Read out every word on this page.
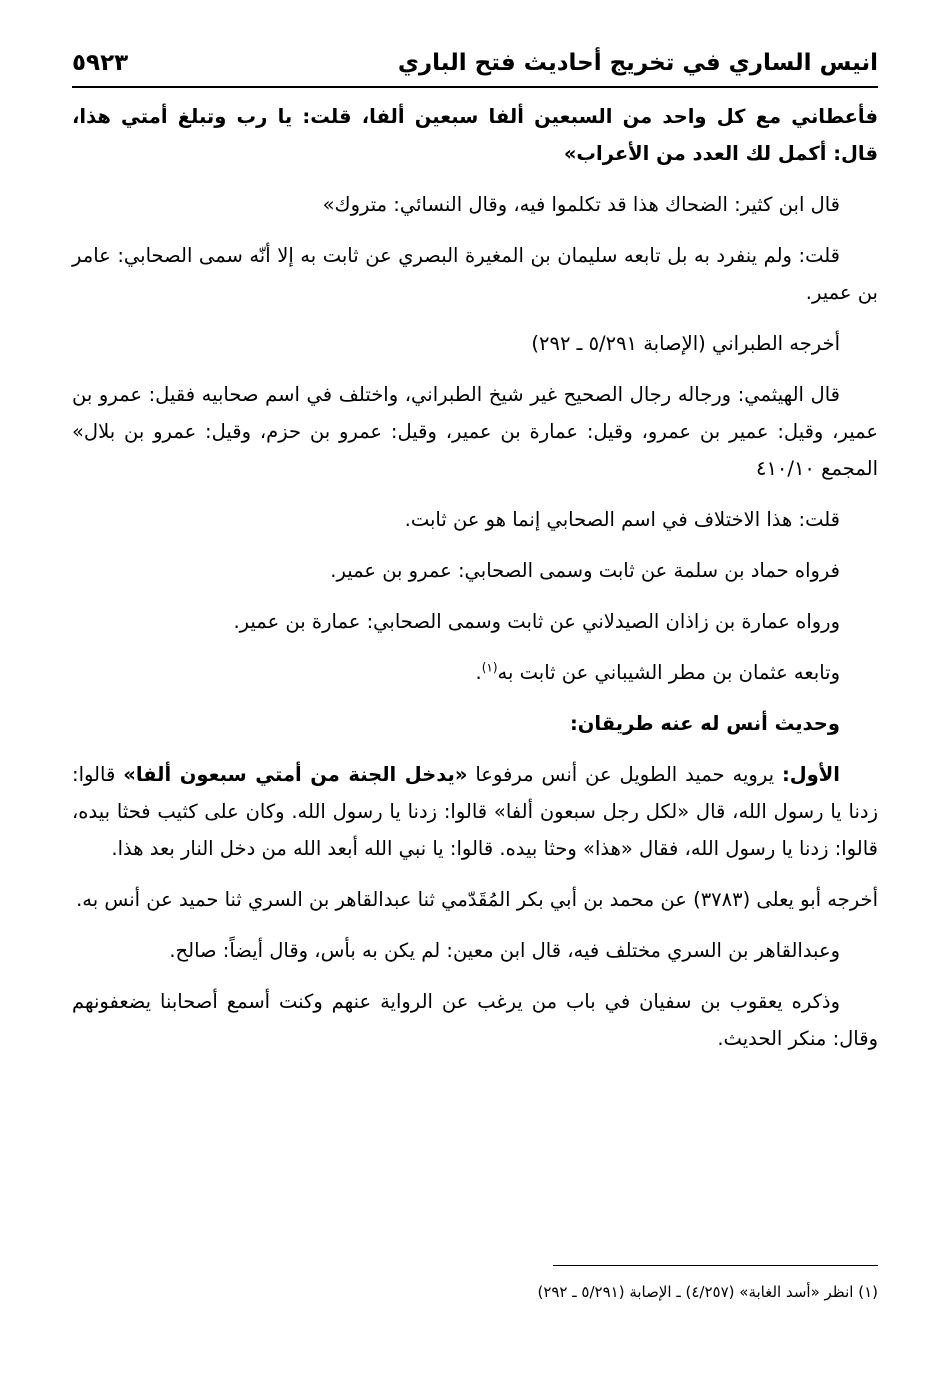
انيس الساري في تخريج أحاديث فتح الباري
٥٩٢٣

فأعطاني مع كل واحد من السبعين ألفا سبعين ألفا، قلت: يا رب وتبلغ أمتي هذا، قال: أكمل لك العدد من الأعراب»

قال ابن كثير: الضحاك هذا قد تكلموا فيه، وقال النسائي: متروك»

قلت: ولم ينفرد به بل تابعه سليمان بن المغيرة البصري عن ثابت به إلا أنّه سمى الصحابي: عامر بن عمير.

أخرجه الطبراني (الإصابة ٥/٢٩١ ـ ٢٩٢)

قال الهيثمي: ورجاله رجال الصحيح غير شيخ الطبراني، واختلف في اسم صحابيه فقيل: عمرو بن عمير، وقيل: عمير بن عمرو، وقيل: عمارة بن عمير، وقيل: عمرو بن حزم، وقيل: عمرو بن بلال» المجمع ٤١٠/١٠

قلت: هذا الاختلاف في اسم الصحابي إنما هو عن ثابت.

فرواه حماد بن سلمة عن ثابت وسمى الصحابي: عمرو بن عمير.

ورواه عمارة بن زاذان الصيدلاني عن ثابت وسمى الصحابي: عمارة بن عمير.

وتابعه عثمان بن مطر الشيباني عن ثابت به$^{(١)}$.

وحديث أنس له عنه طريقان:

الأول: يرويه حميد الطويل عن أنس مرفوعا «يدخل الجنة من أمتي سبعون ألفا» قالوا: زدنا يا رسول الله، قال «لكل رجل سبعون ألفا» قالوا: زدنا يا رسول الله. وكان على كثيب فحثا بيده، قالوا: زدنا يا رسول الله، فقال «هذا» وحثا بيده. قالوا: يا نبي الله أبعد الله من دخل النار بعد هذا.

أخرجه أبو يعلى (٣٧٨٣) عن محمد بن أبي بكر المُقَدّمي ثنا عبدالقاهر بن السري ثنا حميد عن أنس به.

وعبدالقاهر بن السري مختلف فيه، قال ابن معين: لم يكن به بأس، وقال أيضاً: صالح.

وذكره يعقوب بن سفيان في باب من يرغب عن الرواية عنهم وكنت أسمع أصحابنا يضعفونهم وقال: منكر الحديث.

(١) انظر «أسد الغابة» (٤/٢٥٧) ـ الإصابة (٥/٢٩١ ـ ٢٩٢)
